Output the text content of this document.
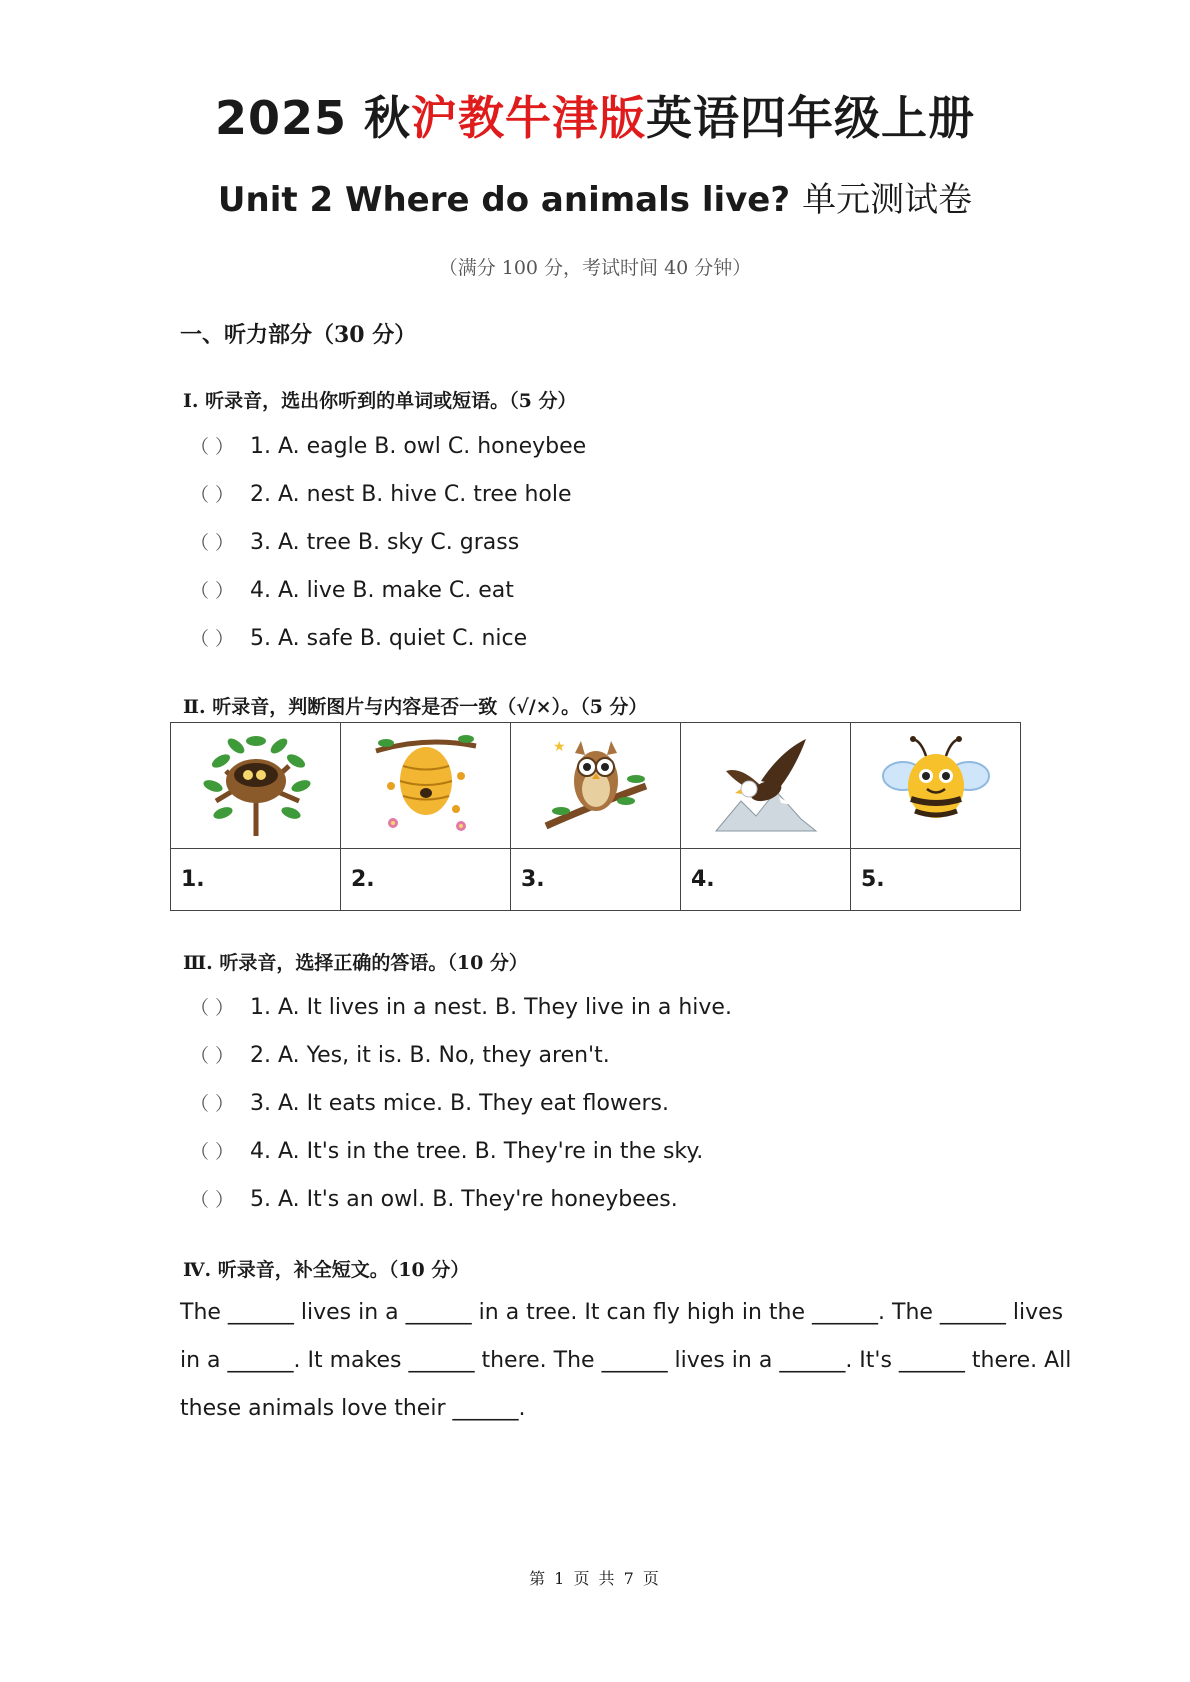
2025 秋沪教牛津版英语四年级上册
Unit 2 Where do animals live? 单元测试卷
（满分 100 分，考试时间 40 分钟）
一、听力部分（30 分）
Ⅰ. 听录音，选出你听到的单词或短语。（5 分）
（ ） 1. A. eagle B. owl C. honeybee
（ ） 2. A. nest B. hive C. tree hole
（ ） 3. A. tree B. sky C. grass
（ ） 4. A. live B. make C. eat
（ ） 5. A. safe B. quiet C. nice
Ⅱ. 听录音，判断图片与内容是否一致（√/×）。（5 分）

★

1.	2.	3.	4.	5.
Ⅲ. 听录音，选择正确的答语。（10 分）
（ ） 1. A. It lives in a nest. B. They live in a hive.
（ ） 2. A. Yes, it is. B. No, they aren't.
（ ） 3. A. It eats mice. B. They eat flowers.
（ ） 4. A. It's in the tree. B. They're in the sky.
（ ） 5. A. It's an owl. B. They're honeybees.
Ⅳ. 听录音，补全短文。（10 分）
The ______ lives in a ______ in a tree. It can fly high in the ______. The ______ lives
in a ______. It makes ______ there. The ______ lives in a ______. It's ______ there. All
these animals love their ______.
第 1 页 共 7 页
